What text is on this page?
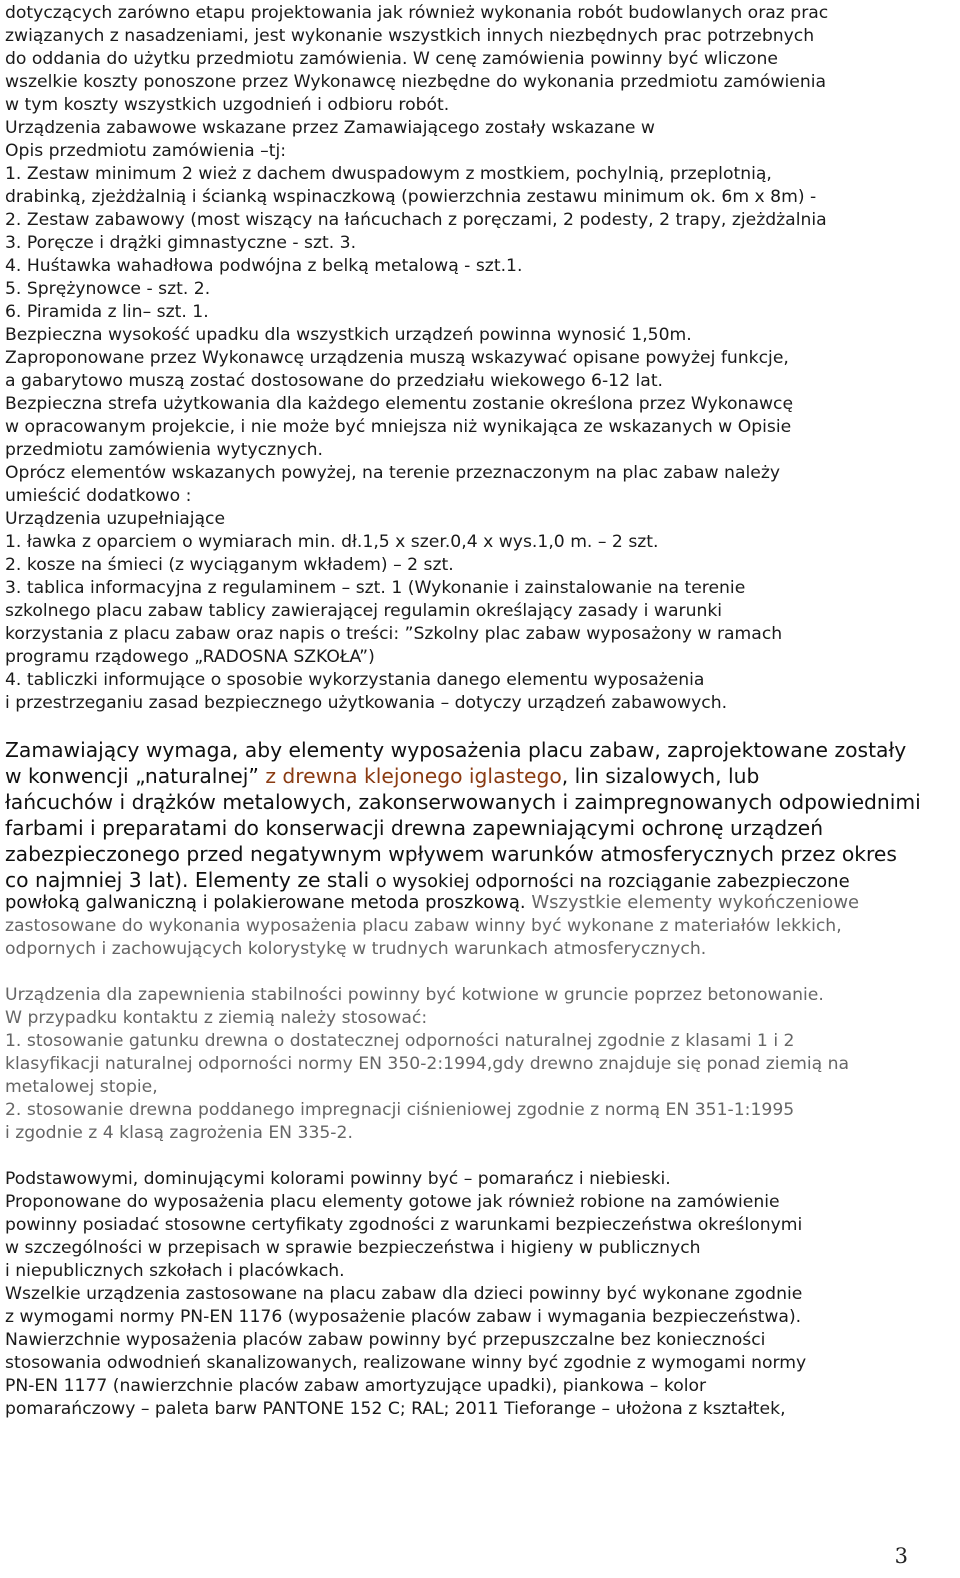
dotyczących zarówno etapu projektowania jak również wykonania robót budowlanych oraz prac

związanych z nasadzeniami, jest wykonanie wszystkich innych niezbędnych prac potrzebnych

do oddania do użytku przedmiotu zamówienia. W cenę zamówienia powinny być wliczone

wszelkie koszty ponoszone przez Wykonawcę niezbędne do wykonania przedmiotu zamówienia

w tym koszty wszystkich uzgodnień i odbioru robót.

Urządzenia zabawowe wskazane przez Zamawiającego zostały wskazane w

Opis przedmiotu zamówienia –tj:

1. Zestaw minimum 2 wież z dachem dwuspadowym z mostkiem, pochylnią, przeplotnią,

drabinką, zjeżdżalnią i ścianką wspinaczkową (powierzchnia zestawu minimum ok. 6m x 8m) -

2. Zestaw zabawowy (most wiszący na łańcuchach z poręczami, 2 podesty, 2 trapy, zjeżdżalnia

3. Poręcze i drążki gimnastyczne - szt. 3.

4. Huśtawka wahadłowa podwójna z belką metalową - szt.1.

5. Sprężynowce - szt. 2.

6. Piramida z lin– szt. 1.

Bezpieczna wysokość upadku dla wszystkich urządzeń powinna wynosić 1,50m.

Zaproponowane przez Wykonawcę urządzenia muszą wskazywać opisane powyżej funkcje,

a gabarytowo muszą zostać dostosowane do przedziału wiekowego 6-12 lat.

Bezpieczna strefa użytkowania dla każdego elementu zostanie określona przez Wykonawcę

w opracowanym projekcie, i nie może być mniejsza niż wynikająca ze wskazanych w Opisie

przedmiotu zamówienia wytycznych.

Oprócz elementów wskazanych powyżej, na terenie przeznaczonym na plac zabaw należy

umieścić dodatkowo :

Urządzenia uzupełniające

1. ławka z oparciem o wymiarach min. dł.1,5 x szer.0,4 x wys.1,0 m. – 2 szt.

2. kosze na śmieci (z wyciąganym wkładem) – 2 szt.

3. tablica informacyjna z regulaminem – szt. 1 (Wykonanie i zainstalowanie na terenie

szkolnego placu zabaw tablicy zawierającej regulamin określający zasady i warunki

korzystania z placu zabaw oraz napis o treści: ”Szkolny plac zabaw wyposażony w ramach

programu rządowego „RADOSNA SZKOŁA”)

4. tabliczki informujące o sposobie wykorzystania danego elementu wyposażenia

i przestrzeganiu zasad bezpiecznego użytkowania – dotyczy urządzeń zabawowych.

Zamawiający wymaga, aby elementy wyposażenia placu zabaw, zaprojektowane zostały

w konwencji „naturalnej” z drewna klejonego iglastego, lin sizalowych, lub

łańcuchów i drążków metalowych, zakonserwowanych i zaimpregnowanych odpowiednimi

farbami i preparatami do konserwacji drewna zapewniającymi ochronę urządzeń

zabezpieczonego przed negatywnym wpływem warunków atmosferycznych przez okres

co najmniej 3 lat). Elementy ze stali o wysokiej odporności na rozciąganie zabezpieczone

powłoką galwaniczną i polakierowane metoda proszkową. Wszystkie elementy wykończeniowe

zastosowane do wykonania wyposażenia placu zabaw winny być wykonane z materiałów lekkich,

odpornych i zachowujących kolorystykę w trudnych warunkach atmosferycznych.

Urządzenia dla zapewnienia stabilności powinny być kotwione w gruncie poprzez betonowanie.

W przypadku kontaktu z ziemią należy stosować:

1. stosowanie gatunku drewna o dostatecznej odporności naturalnej zgodnie z klasami 1 i 2

klasyfikacji naturalnej odporności normy EN 350-2:1994,gdy drewno znajduje się ponad ziemią na

metalowej stopie,

2. stosowanie drewna poddanego impregnacji ciśnieniowej zgodnie z normą EN 351-1:1995

i zgodnie z 4 klasą zagrożenia EN 335-2.

Podstawowymi, dominującymi kolorami powinny być – pomarańcz i niebieski.

Proponowane do wyposażenia placu elementy gotowe jak również robione na zamówienie

powinny posiadać stosowne certyfikaty zgodności z warunkami bezpieczeństwa określonymi

w szczególności w przepisach w sprawie bezpieczeństwa i higieny w publicznych

i niepublicznych szkołach i placówkach.

Wszelkie urządzenia zastosowane na placu zabaw dla dzieci powinny być wykonane zgodnie

z wymogami normy PN-EN 1176 (wyposażenie placów zabaw i wymagania bezpieczeństwa).

Nawierzchnie wyposażenia placów zabaw powinny być przepuszczalne bez konieczności

stosowania odwodnień skanalizowanych, realizowane winny być zgodnie z wymogami normy

PN-EN 1177 (nawierzchnie placów zabaw amortyzujące upadki), piankowa – kolor

pomarańczowy – paleta barw PANTONE 152 C; RAL; 2011 Tieforange – ułożona z kształtek,

3
